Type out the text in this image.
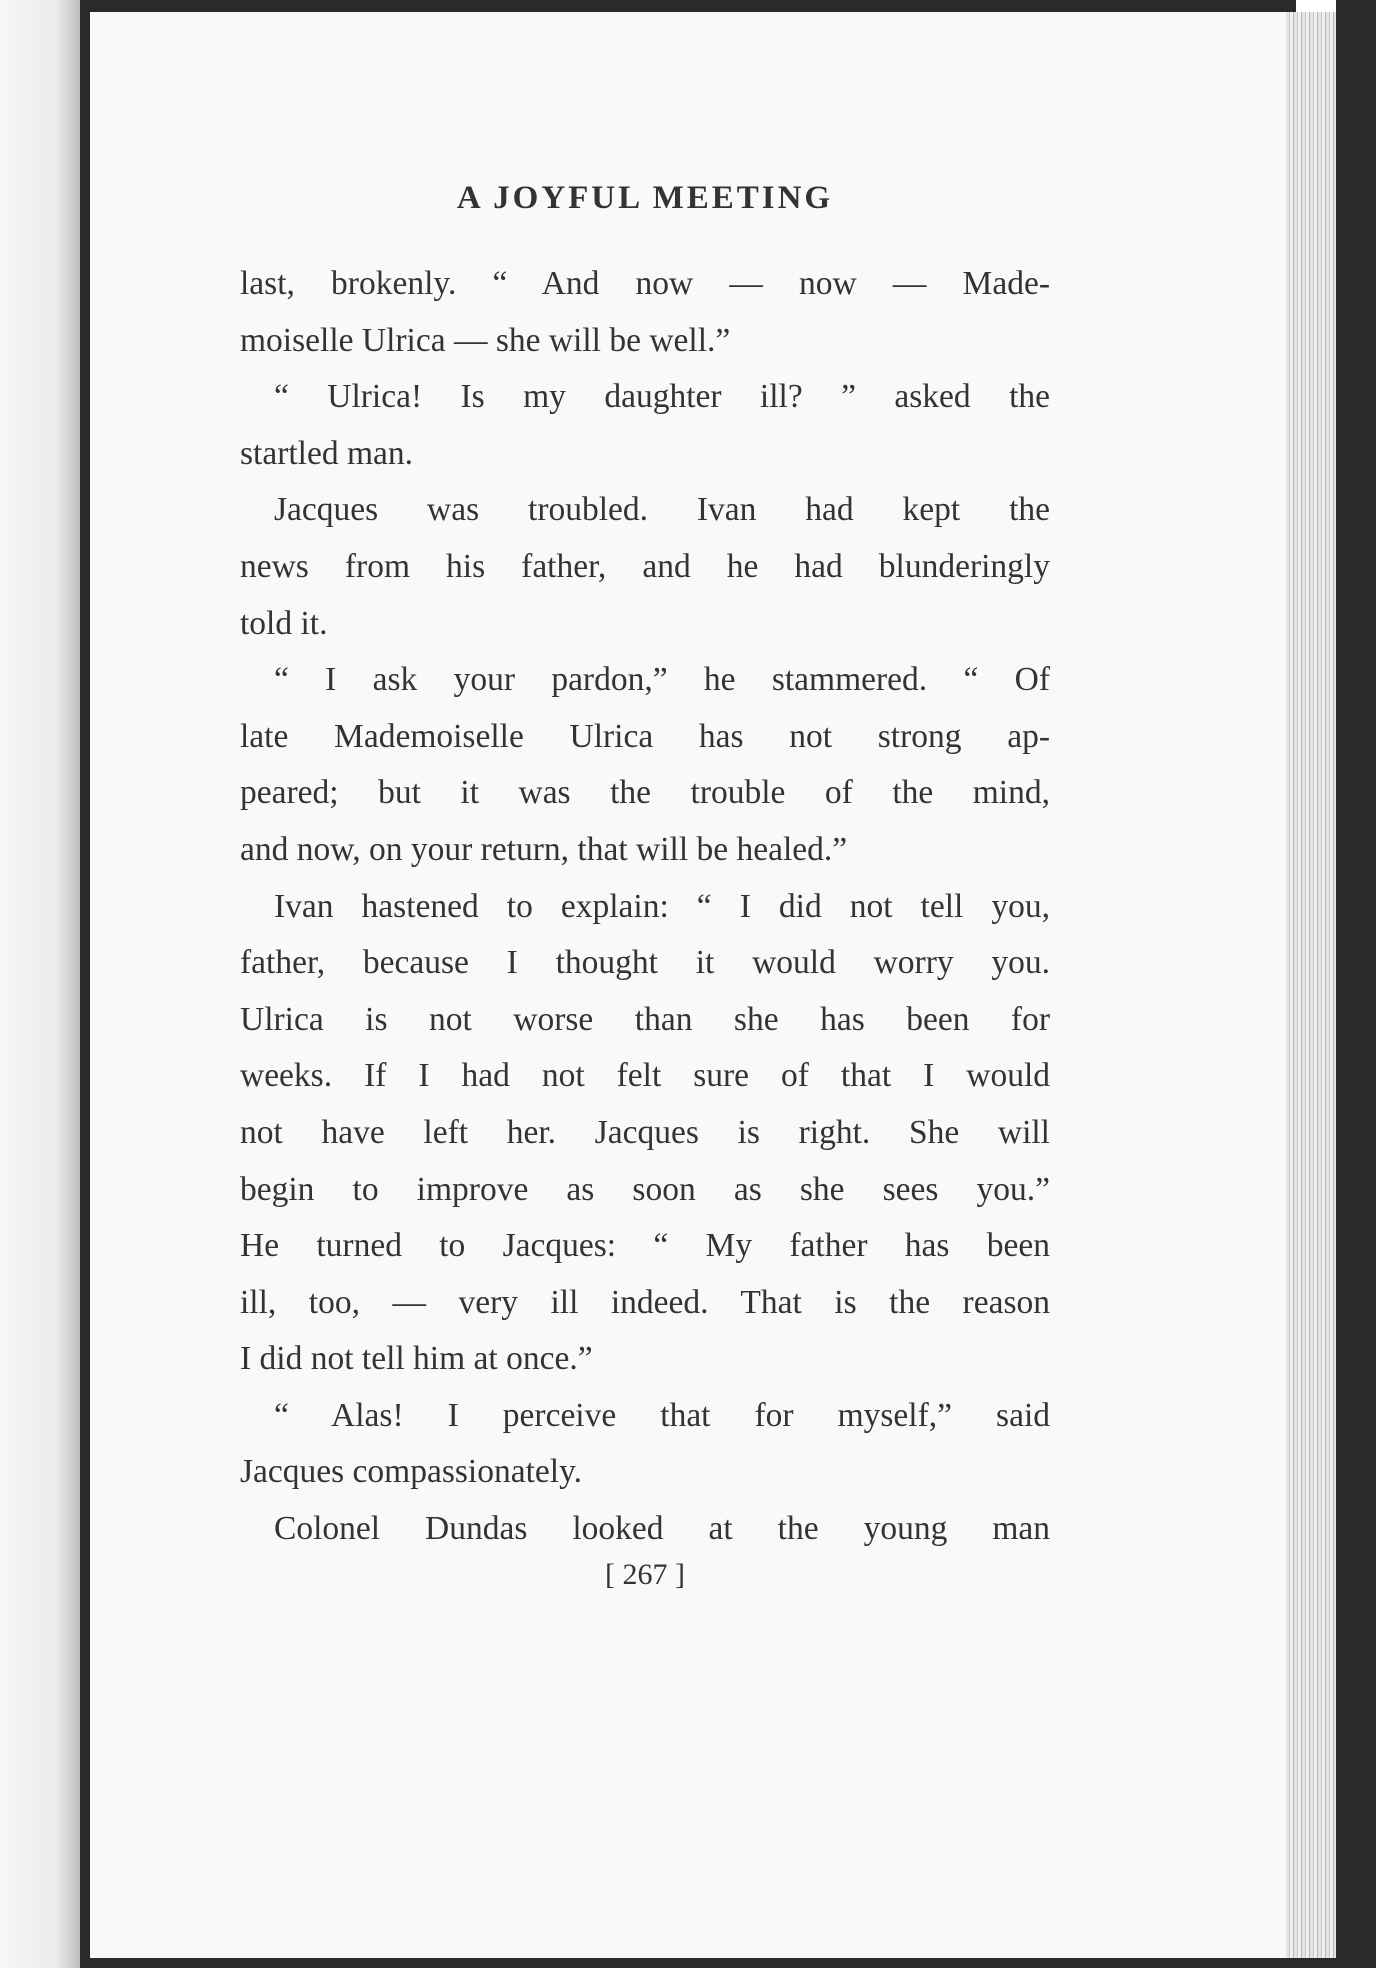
A JOYFUL MEETING
last, brokenly. “ And now — now — Made-
moiselle Ulrica — she will be well.”
“ Ulrica! Is my daughter ill? ” asked the
startled man.
Jacques was troubled. Ivan had kept the
news from his father, and he had blunderingly
told it.
“ I ask your pardon,” he stammered. “ Of
late Mademoiselle Ulrica has not strong ap-
peared; but it was the trouble of the mind,
and now, on your return, that will be healed.”
Ivan hastened to explain: “ I did not tell you,
father, because I thought it would worry you.
Ulrica is not worse than she has been for
weeks. If I had not felt sure of that I would
not have left her. Jacques is right. She will
begin to improve as soon as she sees you.”
He turned to Jacques: “ My father has been
ill, too, — very ill indeed. That is the reason
I did not tell him at once.”
“ Alas! I perceive that for myself,” said
Jacques compassionately.
Colonel Dundas looked at the young man
[ 267 ]
